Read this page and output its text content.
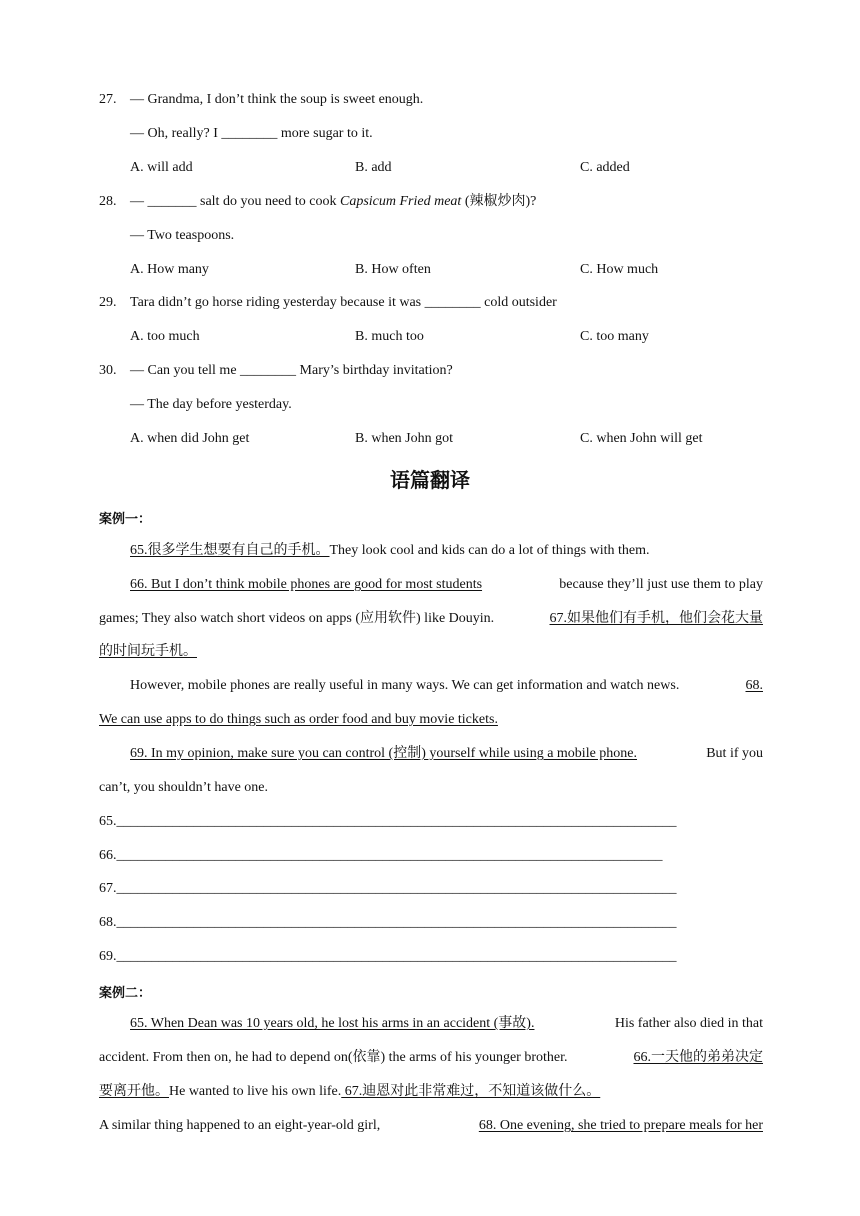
27. — Grandma, I don’t think the soup is sweet enough.
— Oh, really? I ________ more sugar to it.
A. will add	B. add	C. added
28. — _______ salt do you need to cook Capsicum Fried meat (辣椒炒肉)?
— Two teaspoons.
A. How many	B. How often	C. How much
29. Tara didn’t go horse riding yesterday because it was ________ cold outsider
A. too much	B. much too	C. too many
30. — Can you tell me ________ Mary’s birthday invitation?
— The day before yesterday.
A. when did John get	B. when John got	C. when John will get
语篇翻译
案例一：
65.很多学生想要有自己的手机。They look cool and kids can do a lot of things with them.
66. But I don’t think mobile phones are good for most students	because they’ll just use them to play
games; They also watch short videos on apps (应用软件) like Douyin.	67.如果他们有手机，他们会花大量
的时间玩手机。
However, mobile phones are really useful in many ways. We can get information and watch news.	68.
We can use apps to do things such as order food and buy movie tickets.
69. In my opinion, make sure you can control (控制) yourself while using a mobile phone.	But if you
can’t, you shouldn’t have one.
65.________________________________________________________________________________
66.______________________________________________________________________________
67.________________________________________________________________________________
68.________________________________________________________________________________
69.________________________________________________________________________________
案例二：
65. When Dean was 10 years old, he lost his arms in an accident (事故).	His father also died in that
accident. From then on, he had to depend on(依靠) the arms of his younger brother.	66.一天他的弟弟决定
要离开他。He wanted to live his own life. 67.迪恩对此非常难过，不知道该做什么。
A similar thing happened to an eight-year-old girl,	68. One evening, she tried to prepare meals for her
